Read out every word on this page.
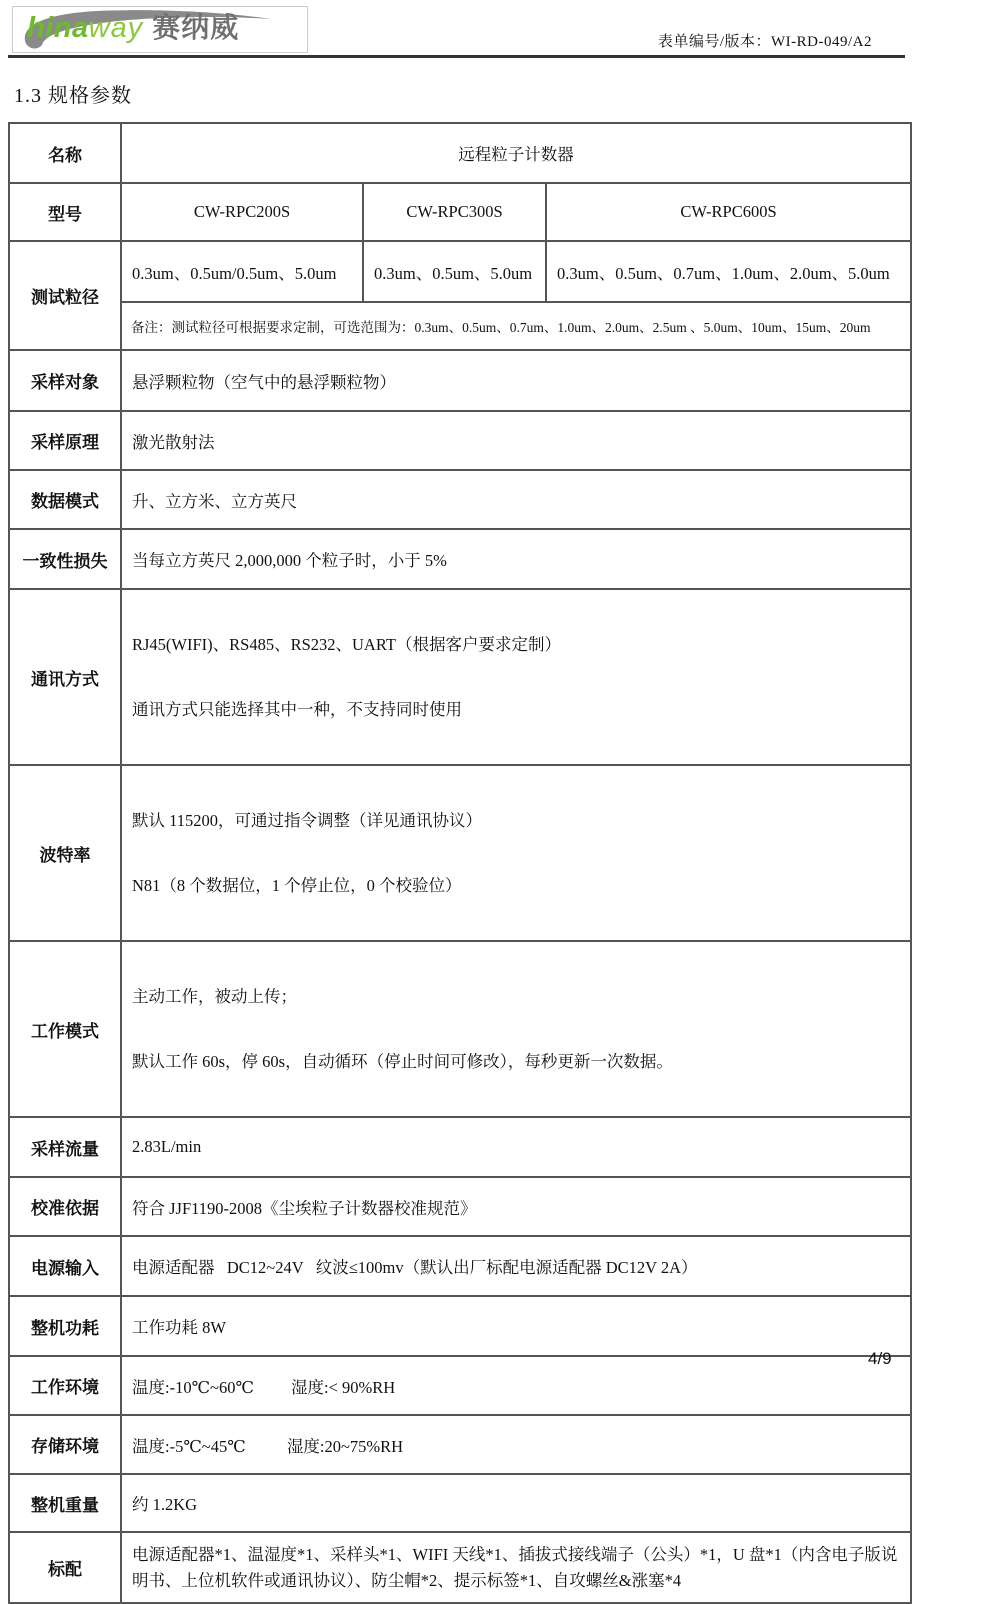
hinaway 赛纳威	表单编号/版本：WI-RD-049/A2
1.3 规格参数
名称	远程粒子计数器		
型号	CW-RPC200S	CW-RPC300S	CW-RPC600S
测试粒径	0.3um、0.5um/0.5um、5.0um	0.3um、0.5um、5.0um	0.3um、0.5um、0.7um、1.0um、2.0um、5.0um
	备注：测试粒径可根据要求定制，可选范围为：0.3um、0.5um、0.7um、1.0um、2.0um、2.5um 、5.0um、10um、15um、20um		
采样对象	悬浮颗粒物（空气中的悬浮颗粒物）		
采样原理	激光散射法		
数据模式	升、立方米、立方英尺		
一致性损失	当每立方英尺 2,000,000 个粒子时，小于 5%		
通讯方式	RJ45(WIFI)、RS485、RS232、UART（根据客户要求定制）

通讯方式只能选择其中一种，不支持同时使用		

波特率	默认 115200，可通过指令调整（详见通讯协议）

N81（8 个数据位，1 个停止位，0 个校验位）		

工作模式	主动工作，被动上传；

默认工作 60s，停 60s，自动循环（停止时间可修改），每秒更新一次数据。		

采样流量	2.83L/min		
校准依据	符合 JJF1190-2008《尘埃粒子计数器校准规范》		
电源输入	电源适配器   DC12~24V   纹波≤100mv（默认出厂标配电源适配器 DC12V 2A）		
整机功耗	工作功耗 8W		
工作环境	温度:-10℃~60℃         湿度:< 90%RH		
存储环境	温度:-5℃~45℃          湿度:20~75%RH		
整机重量	约 1.2KG		
标配	电源适配器*1、温湿度*1、采样头*1、WIFI 天线*1、插拔式接线端子（公头）*1，U 盘*1（内含电子版说明书、上位机软件或通讯协议）、防尘帽*2、提示标签*1、自攻螺丝&涨塞*4		
4/9
